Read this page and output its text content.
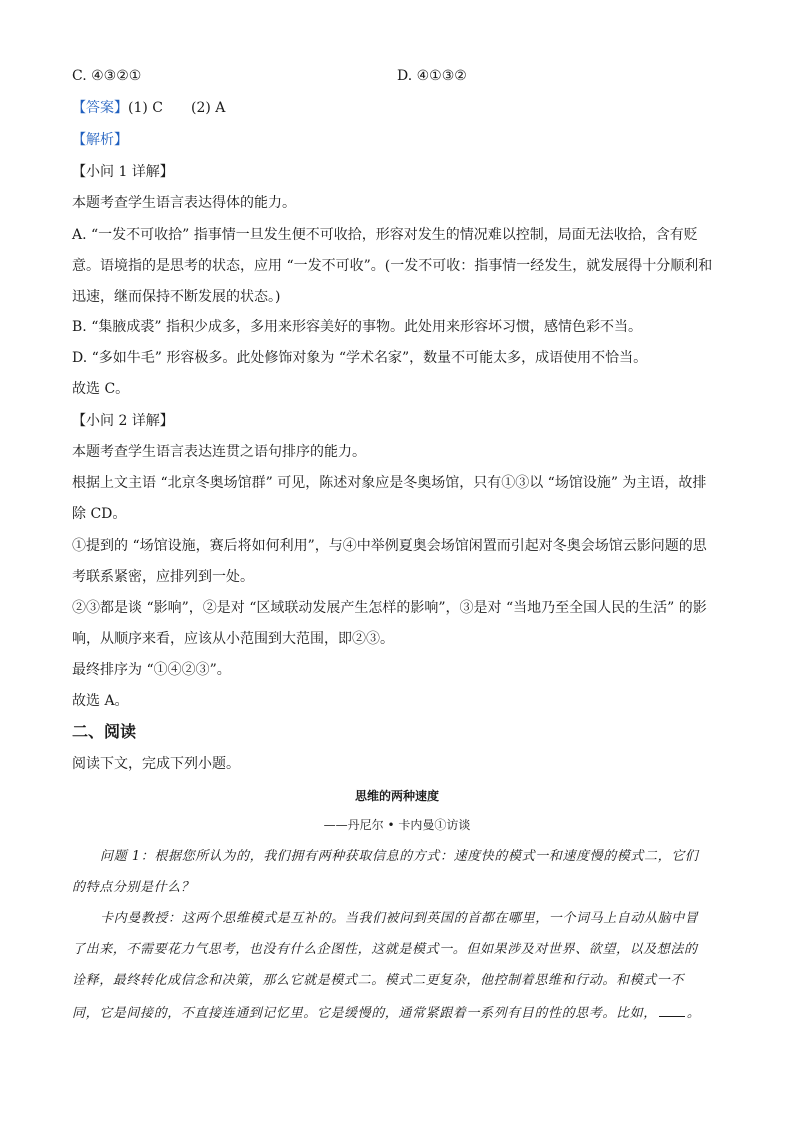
C. ④③②①	D. ④①③②
【答案】(1) C　　(2) A
【解析】
【小问 1 详解】
本题考查学生语言表达得体的能力。
A. “一发不可收拾” 指事情一旦发生便不可收拾，形容对发生的情况难以控制，局面无法收拾，含有贬
意。语境指的是思考的状态，应用 “一发不可收”。(一发不可收：指事情一经发生，就发展得十分顺利和
迅速，继而保持不断发展的状态。)
B. “集腋成裘” 指积少成多，多用来形容美好的事物。此处用来形容坏习惯，感情色彩不当。
D. “多如牛毛” 形容极多。此处修饰对象为 “学术名家”，数量不可能太多，成语使用不恰当。
故选 C。
【小问 2 详解】
本题考查学生语言表达连贯之语句排序的能力。
根据上文主语 “北京冬奥场馆群” 可见，陈述对象应是冬奥场馆，只有①③以 “场馆设施” 为主语，故排
除 CD。
①提到的 “场馆设施，赛后将如何利用”，与④中举例夏奥会场馆闲置而引起对冬奥会场馆云影问题的思
考联系紧密，应排列到一处。
②③都是谈 “影响”，②是对 “区域联动发展产生怎样的影响”，③是对 “当地乃至全国人民的生活” 的影
响，从顺序来看，应该从小范围到大范围，即②③。
最终排序为 “①④②③”。
故选 A。
二、阅读
阅读下文，完成下列小题。
思维的两种速度
——丹尼尔 • 卡内曼①访谈
问题 1：根据您所认为的，我们拥有两种获取信息的方式：速度快的模式一和速度慢的模式二，它们
的特点分别是什么？
卡内曼教授：这两个思维模式是互补的。当我们被问到英国的首都在哪里，一个词马上自动从脑中冒
了出来，不需要花力气思考，也没有什么企图性，这就是模式一。但如果涉及对世界、欲望，以及想法的
诠释，最终转化成信念和决策，那么它就是模式二。模式二更复杂，他控制着思维和行动。和模式一不
同，它是间接的，不直接连通到记忆里。它是缓慢的，通常紧跟着一系列有目的性的思考。比如， 。
